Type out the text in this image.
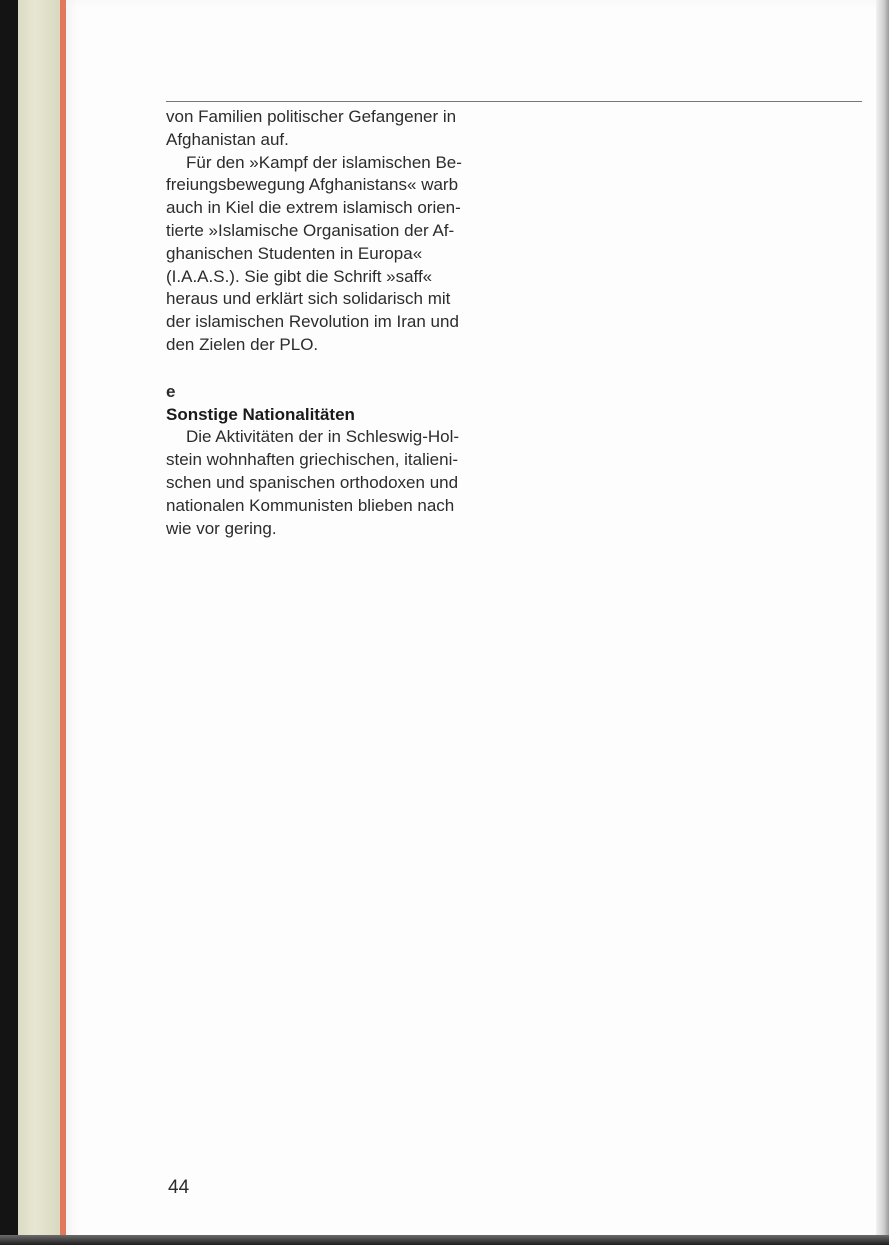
von Familien politischer Gefangener in
Afghanistan auf.

Für den »Kampf der islamischen Be-
freiungsbewegung Afghanistans« warb
auch in Kiel die extrem islamisch orien-
tierte »Islamische Organisation der Af-
ghanischen Studenten in Europa«
(I.A.A.S.). Sie gibt die Schrift »saff«
heraus und erklärt sich solidarisch mit
der islamischen Revolution im Iran und
den Zielen der PLO.

e

Sonstige Nationalitäten

Die Aktivitäten der in Schleswig-Hol-
stein wohnhaften griechischen, italieni-
schen und spanischen orthodoxen und
nationalen Kommunisten blieben nach
wie vor gering.

44
